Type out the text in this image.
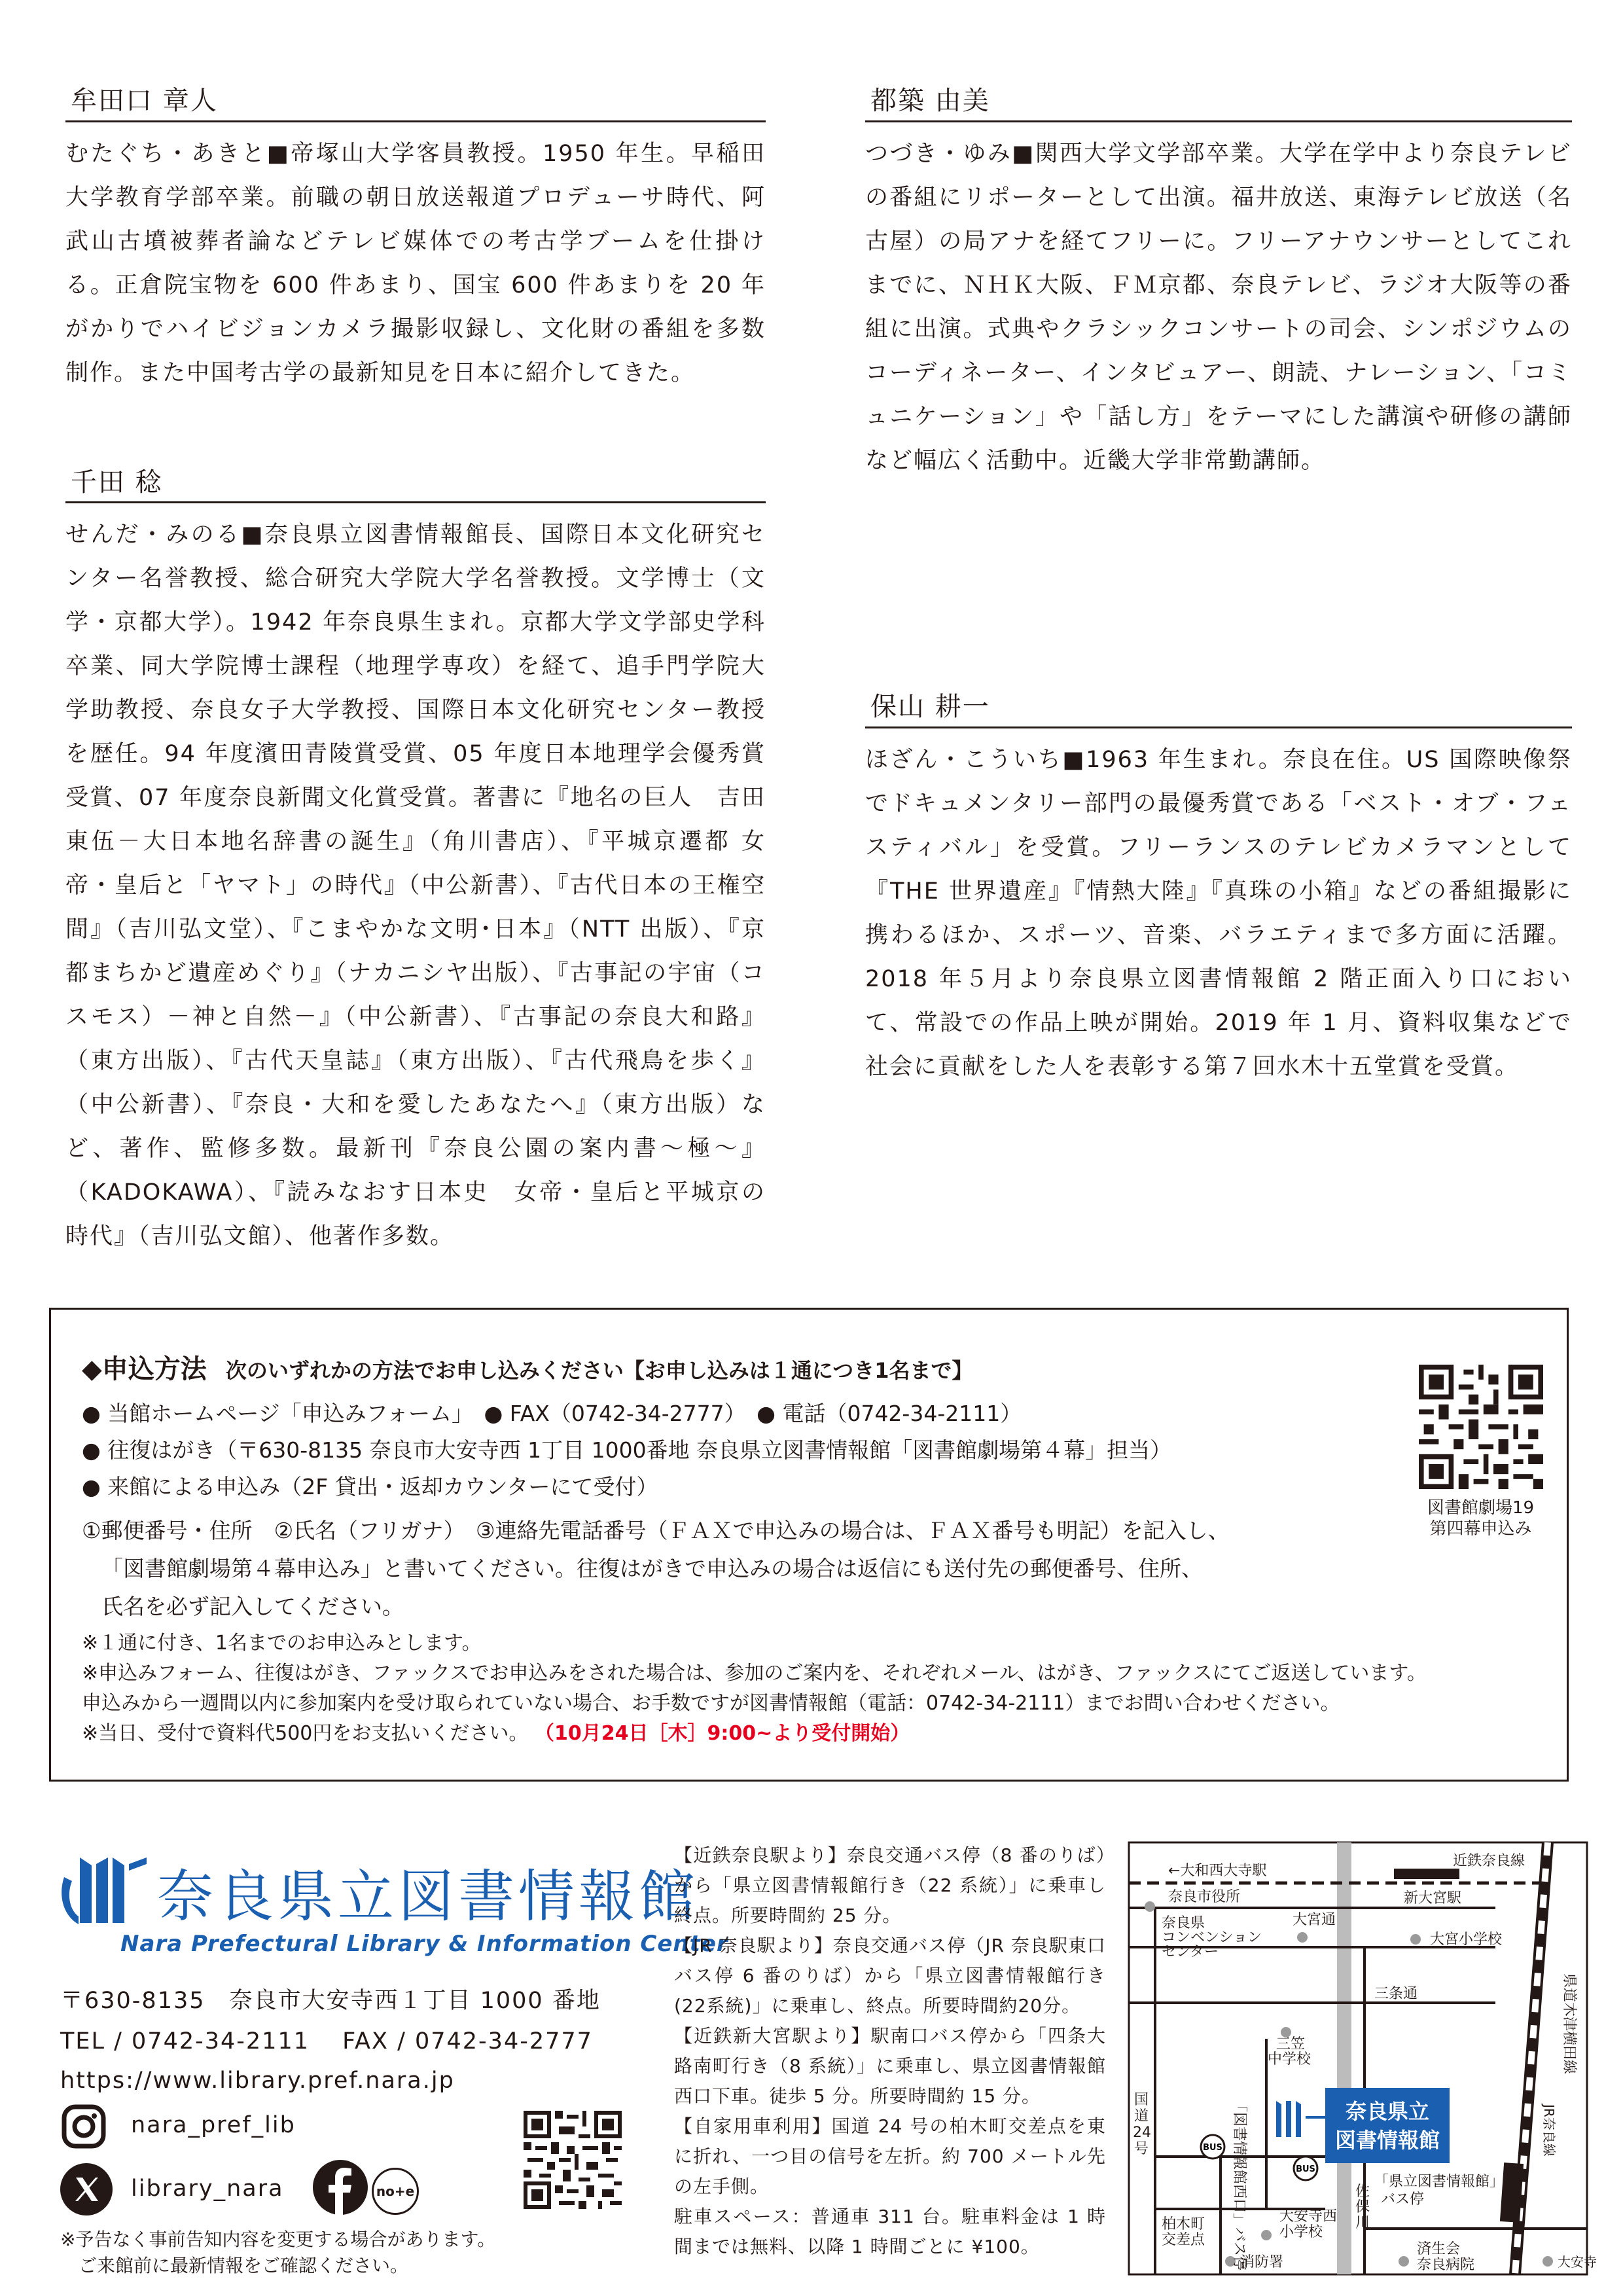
牟田口 章人
むたぐち・あきと■帝塚山大学客員教授。1950 年生。早稲田大学教育学部卒業。前職の朝日放送報道プロデューサ時代、阿武山古墳被葬者論などテレビ媒体での考古学ブームを仕掛ける。正倉院宝物を 600 件あまり、国宝 600 件あまりを 20 年がかりでハイビジョンカメラ撮影収録し、文化財の番組を多数制作。また中国考古学の最新知見を日本に紹介してきた。
千田 稔
せんだ・みのる■奈良県立図書情報館長、国際日本文化研究センター名誉教授、総合研究大学院大学名誉教授。文学博士（文学・京都大学）。1942 年奈良県生まれ。京都大学文学部史学科卒業、同大学院博士課程（地理学専攻）を経て、追手門学院大学助教授、奈良女子大学教授、国際日本文化研究センター教授を歴任。94 年度濱田青陵賞受賞、05 年度日本地理学会優秀賞受賞、07 年度奈良新聞文化賞受賞。著書に『地名の巨人　吉田東伍－大日本地名辞書の誕生』（角川書店）、『平城京遷都 女帝・皇后と「ヤマト」の時代』（中公新書）、『古代日本の王権空間』（吉川弘文堂）、『こまやかな文明･日本』（NTT 出版）、『京都まちかど遺産めぐり』（ナカニシヤ出版）、『古事記の宇宙（コスモス）－神と自然－』（中公新書）、『古事記の奈良大和路』（東方出版）、『古代天皇誌』（東方出版）、『古代飛鳥を歩く』（中公新書）、『奈良・大和を愛したあなたへ』（東方出版）など、著作、監修多数。最新刊『奈良公園の案内書～極～』（KADOKAWA）、『読みなおす日本史　女帝・皇后と平城京の時代』（吉川弘文館）、他著作多数。
都築 由美
つづき・ゆみ■関西大学文学部卒業。大学在学中より奈良テレビの番組にリポーターとして出演。福井放送、東海テレビ放送（名古屋）の局アナを経てフリーに。フリーアナウンサーとしてこれまでに、ＮＨＫ大阪、ＦＭ京都、奈良テレビ、ラジオ大阪等の番組に出演。式典やクラシックコンサートの司会、シンポジウムのコーディネーター、インタビュアー、朗読、ナレーション、「コミュニケーション」や「話し方」をテーマにした講演や研修の講師など幅広く活動中。近畿大学非常勤講師。
保山 耕一
ほざん・こういち■1963 年生まれ。奈良在住。US 国際映像祭でドキュメンタリー部門の最優秀賞である「ベスト・オブ・フェスティバル」を受賞。フリーランスのテレビカメラマンとして『THE 世界遺産』『情熱大陸』『真珠の小箱』などの番組撮影に携わるほか、スポーツ、音楽、バラエティまで多方面に活躍。2018 年５月より奈良県立図書情報館 2 階正面入り口において、常設での作品上映が開始。2019 年 1 月、資料収集などで社会に貢献をした人を表彰する第７回水木十五堂賞を受賞。
◆申込方法 次のいずれかの方法でお申し込みください【お申し込みは１通につき1名まで】
● 当館ホームページ「申込みフォーム」　● FAX（0742-34-2777）　● 電話（0742-34-2111）
● 往復はがき（〒630-8135 奈良市大安寺西 1丁目 1000番地 奈良県立図書情報館「図書館劇場第４幕」担当）
● 来館による申込み（2F 貸出・返却カウンターにて受付）
①郵便番号・住所　②氏名（フリガナ）　③連絡先電話番号（ＦＡＸで申込みの場合は、ＦＡＸ番号も明記）を記入し、
「図書館劇場第４幕申込み」と書いてください。往復はがきで申込みの場合は返信にも送付先の郵便番号、住所、
氏名を必ず記入してください。
※１通に付き、1名までのお申込みとします。
※申込みフォーム、往復はがき、ファックスでお申込みをされた場合は、参加のご案内を、それぞれメール、はがき、ファックスにてご返送しています。
申込みから一週間以内に参加案内を受け取られていない場合、お手数ですが図書情報館（電話：0742-34-2111）までお問い合わせください。
※当日、受付で資料代500円をお支払いください。 （10月24日［木］9:00~より受付開始）
図書館劇場19
第四幕申込み
奈良県立図書情報館
Nara Prefectural Library & Information Center
〒630-8135　奈良市大安寺西１丁目 1000 番地
TEL / 0742-34-2111　 FAX / 0742-34-2777
https://www.library.pref.nara.jp
nara_pref_lib
library_nara	no+e
※予告なく事前告知内容を変更する場合があります。
ご来館前に最新情報をご確認ください。
【近鉄奈良駅より】奈良交通バス停（8 番のりば）から「県立図書情報館行き（22 系統）」に乗車し終点。所要時間約 25 分。
【JR 奈良駅より】奈良交通バス停（JR 奈良駅東口バス停 6 番のりば）から「県立図書情報館行き(22系統)」に乗車し、終点。所要時間約20分。
【近鉄新大宮駅より】駅南口バス停から「四条大路南町行き（8 系統）」に乗車し、県立図書情報館西口下車。徒歩 5 分。所要時間約 15 分。
【自家用車利用】国道 24 号の柏木町交差点を東に折れ、一つ目の信号を左折。約 700 メートル先の左手側。
駐車スペース：普通車 311 台。駐車料金は 1 時間までは無料、以降 1 時間ごとに ¥100。
奈良県立
図書情報館
BUS
BUS
←大和西大寺駅
近鉄奈良線
奈良市役所	新大宮駅
奈良県
コンベンション
センター
大宮通
大宮小学校
三条通
三笠
中学校
国
道
24
号
「県立図書情報館」
バス停
大安寺西
小学校
柏木町
交差点
消防署
済生会
奈良病院	大安寺
佐
保
川
「図書情報館西口」バス停
県道木津横田線
JR奈良線
